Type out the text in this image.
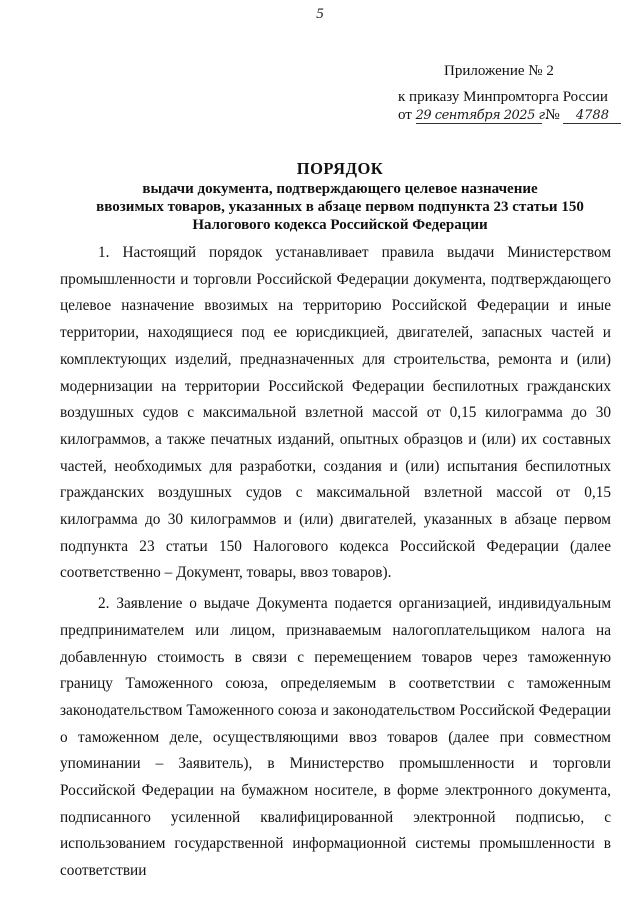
5
Приложение № 2
к приказу Минпромторга России
от 29 сентября 2025 г. № 4788
ПОРЯДОК
выдачи документа, подтверждающего целевое назначение
ввозимых товаров, указанных в абзаце первом подпункта 23 статьи 150
Налогового кодекса Российской Федерации

1. Настоящий порядок устанавливает правила выдачи Министерством промышленности и торговли Российской Федерации документа, подтверждающего целевое назначение ввозимых на территорию Российской Федерации и иные территории, находящиеся под ее юрисдикцией, двигателей, запасных частей и комплектующих изделий, предназначенных для строительства, ремонта и (или) модернизации на территории Российской Федерации беспилотных гражданских воздушных судов с максимальной взлетной массой от 0,15 килограмма до 30 килограммов, а также печатных изданий, опытных образцов и (или) их составных частей, необходимых для разработки, создания и (или) испытания беспилотных гражданских воздушных судов с максимальной взлетной массой от 0,15 килограмма до 30 килограммов и (или) двигателей, указанных в абзаце первом подпункта 23 статьи 150 Налогового кодекса Российской Федерации (далее соответственно – Документ, товары, ввоз товаров).

2. Заявление о выдаче Документа подается организацией, индивидуальным предпринимателем или лицом, признаваемым налогоплательщиком налога на добавленную стоимость в связи с перемещением товаров через таможенную границу Таможенного союза, определяемым в соответствии с таможенным законодательством Таможенного союза и законодательством Российской Федерации о таможенном деле, осуществляющими ввоз товаров (далее при совместном упоминании – Заявитель), в Министерство промышленности и торговли Российской Федерации на бумажном носителе, в форме электронного документа, подписанного усиленной квалифицированной электронной подписью, с использованием государственной информационной системы промышленности в соответствии
